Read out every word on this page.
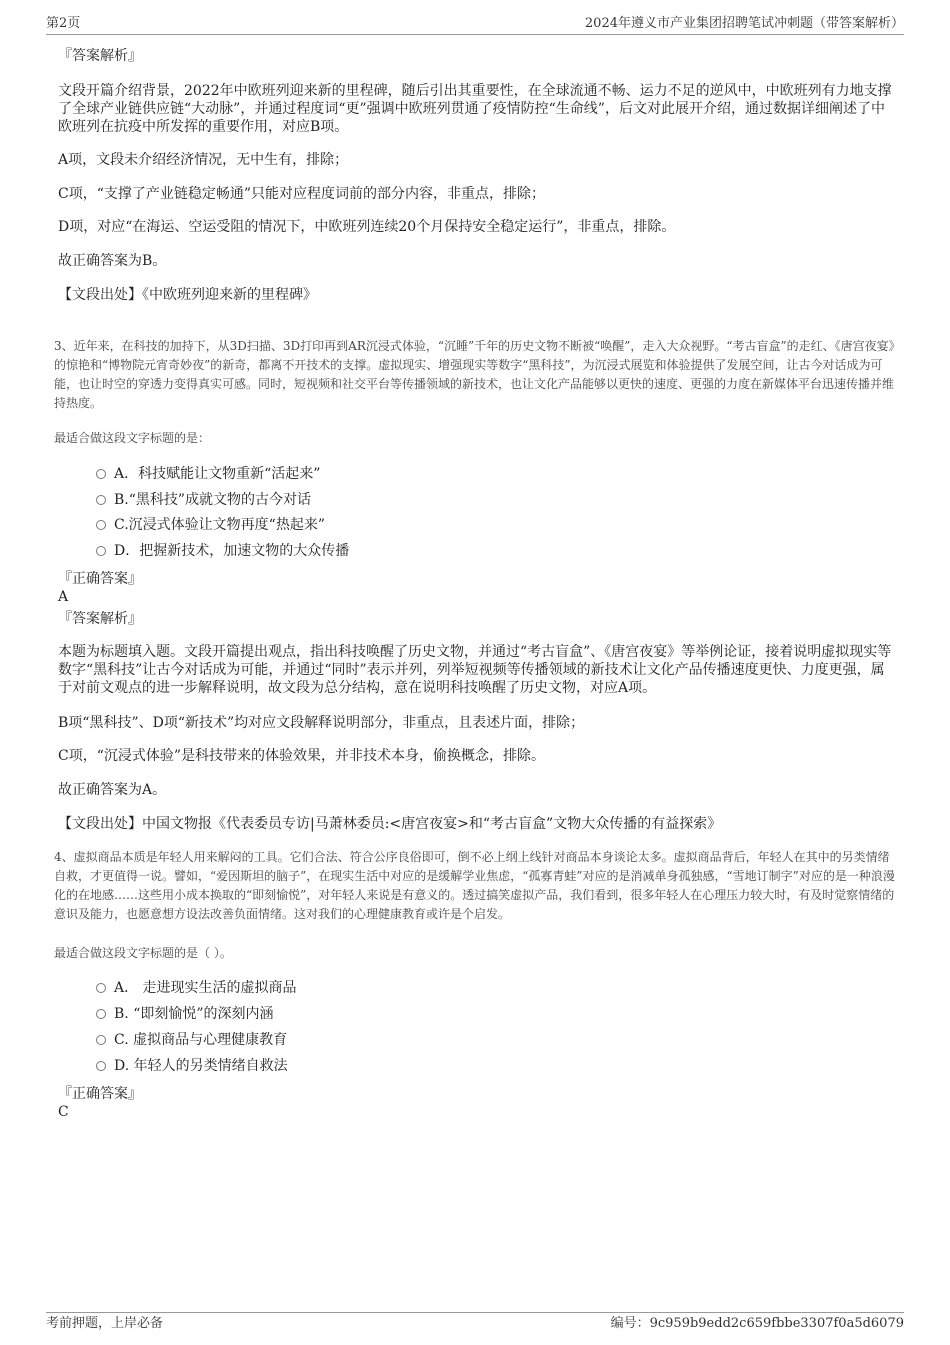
第2页	2024年遵义市产业集团招聘笔试冲刺题（带答案解析）
『答案解析』
文段开篇介绍背景，2022年中欧班列迎来新的里程碑，随后引出其重要性，在全球流通不畅、运力不足的逆风中，中欧班列有力地支撑了全球产业链供应链“大动脉”，并通过程度词“更”强调中欧班列贯通了疫情防控“生命线”，后文对此展开介绍，通过数据详细阐述了中欧班列在抗疫中所发挥的重要作用，对应B项。
A项，文段未介绍经济情况，无中生有，排除；
C项，“支撑了产业链稳定畅通”只能对应程度词前的部分内容，非重点，排除；
D项，对应“在海运、空运受阻的情况下，中欧班列连续20个月保持安全稳定运行”，非重点，排除。
故正确答案为B。
【文段出处】《中欧班列迎来新的里程碑》
3、近年来，在科技的加持下，从3D扫描、3D打印再到AR沉浸式体验，“沉睡”千年的历史文物不断被“唤醒”，走入大众视野。“考古盲盒”的走红、《唐宫夜宴》的惊艳和“博物院元宵奇妙夜”的新奇，都离不开技术的支撑。虚拟现实、增强现实等数字“黑科技”，为沉浸式展览和体验提供了发展空间，让古今对话成为可能，也让时空的穿透力变得真实可感。同时，短视频和社交平台等传播领域的新技术，也让文化产品能够以更快的速度、更强的力度在新媒体平台迅速传播并维持热度。
最适合做这段文字标题的是：
A．科技赋能让文物重新“活起来”
B.“黑科技”成就文物的古今对话
C.沉浸式体验让文物再度“热起来”
D．把握新技术，加速文物的大众传播
『正确答案』
A
『答案解析』
本题为标题填入题。文段开篇提出观点，指出科技唤醒了历史文物，并通过“考古盲盒”、《唐宫夜宴》等举例论证，接着说明虚拟现实等数字“黑科技”让古今对话成为可能，并通过“同时”表示并列，列举短视频等传播领域的新技术让文化产品传播速度更快、力度更强，属于对前文观点的进一步解释说明，故文段为总分结构，意在说明科技唤醒了历史文物，对应A项。
B项“黑科技”、D项“新技术”均对应文段解释说明部分，非重点，且表述片面，排除；
C项，“沉浸式体验”是科技带来的体验效果，并非技术本身，偷换概念，排除。
故正确答案为A。
【文段出处】中国文物报《代表委员专访|马萧林委员:<唐宫夜宴>和“考古盲盒”文物大众传播的有益探索》
4、虚拟商品本质是年轻人用来解闷的工具。它们合法、符合公序良俗即可，倒不必上纲上线针对商品本身谈论太多。虚拟商品背后，年轻人在其中的另类情绪自救，才更值得一说。譬如，“爱因斯坦的脑子”，在现实生活中对应的是缓解学业焦虑，“孤寡青蛙”对应的是消减单身孤独感，“雪地订制字”对应的是一种浪漫化的在地感……这些用小成本换取的“即刻愉悦”，对年轻人来说是有意义的。透过搞笑虚拟产品，我们看到，很多年轻人在心理压力较大时，有及时觉察情绪的意识及能力，也愿意想方设法改善负面情绪。这对我们的心理健康教育或许是个启发。
最适合做这段文字标题的是（ ）。
A． 走进现实生活的虚拟商品
B. “即刻愉悦”的深刻内涵
C. 虚拟商品与心理健康教育
D. 年轻人的另类情绪自救法
『正确答案』
C
考前押题，上岸必备	编号：9c959b9edd2c659fbbe3307f0a5d6079
